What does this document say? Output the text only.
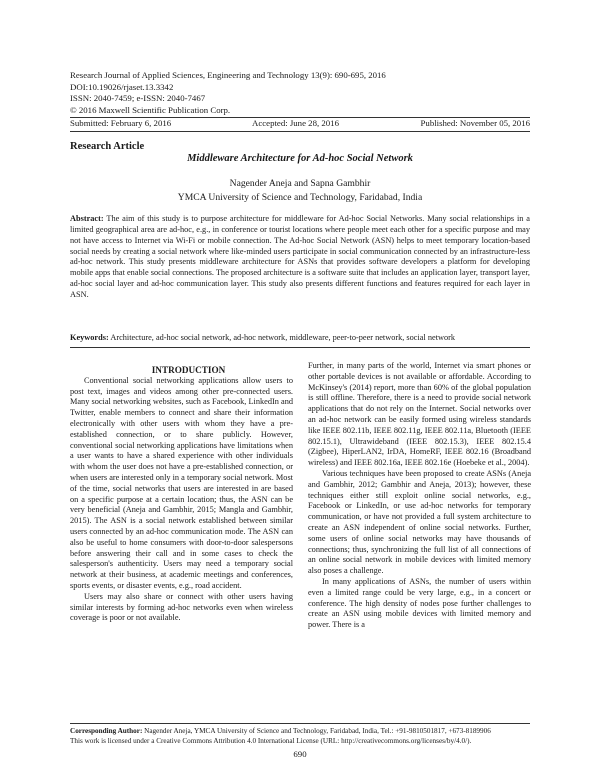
Research Journal of Applied Sciences, Engineering and Technology 13(9): 690-695, 2016
DOI:10.19026/rjaset.13.3342
ISSN: 2040-7459; e-ISSN: 2040-7467
© 2016 Maxwell Scientific Publication Corp.
Submitted: February 6, 2016	Accepted: June 28, 2016	Published: November 05, 2016
Research Article
Middleware Architecture for Ad-hoc Social Network
Nagender Aneja and Sapna Gambhir
YMCA University of Science and Technology, Faridabad, India
Abstract: The aim of this study is to purpose architecture for middleware for Ad-hoc Social Networks. Many social relationships in a limited geographical area are ad-hoc, e.g., in conference or tourist locations where people meet each other for a specific purpose and may not have access to Internet via Wi-Fi or mobile connection. The Ad-hoc Social Network (ASN) helps to meet temporary location-based social needs by creating a social network where like-minded users participate in social communication connected by an infrastructure-less ad-hoc network. This study presents middleware architecture for ASNs that provides software developers a platform for developing mobile apps that enable social connections. The proposed architecture is a software suite that includes an application layer, transport layer, ad-hoc social layer and ad-hoc communication layer. This study also presents different functions and features required for each layer in ASN.
Keywords: Architecture, ad-hoc social network, ad-hoc network, middleware, peer-to-peer network, social network

INTRODUCTION

Conventional social networking applications allow users to post text, images and videos among other pre-connected users. Many social networking websites, such as Facebook, LinkedIn and Twitter, enable members to connect and share their information electronically with other users with whom they have a pre-established connection, or to share publicly. However, conventional social networking applications have limitations when a user wants to have a shared experience with other individuals with whom the user does not have a pre-established connection, or when users are interested only in a temporary social network. Most of the time, social networks that users are interested in are based on a specific purpose at a certain location; thus, the ASN can be very beneficial (Aneja and Gambhir, 2015; Mangla and Gambhir, 2015). The ASN is a social network established between similar users connected by an ad-hoc communication mode. The ASN can also be useful to home consumers with door-to-door salespersons before answering their call and in some cases to check the salesperson's authenticity. Users may need a temporary social network at their business, at academic meetings and conferences, sports events, or disaster events, e.g., road accident.

Users may also share or connect with other users having similar interests by forming ad-hoc networks even when wireless coverage is poor or not available.

Further, in many parts of the world, Internet via smart phones or other portable devices is not available or affordable. According to McKinsey's (2014) report, more than 60% of the global population is still offline. Therefore, there is a need to provide social network applications that do not rely on the Internet. Social networks over an ad-hoc network can be easily formed using wireless standards like IEEE 802.11b, IEEE 802.11g, IEEE 802.11a, Bluetooth (IEEE 802.15.1), Ultrawideband (IEEE 802.15.3), IEEE 802.15.4 (Zigbee), HiperLAN2, IrDA, HomeRF, IEEE 802.16 (Broadband wireless) and IEEE 802.16a, IEEE 802.16e (Hoebeke et al., 2004).

Various techniques have been proposed to create ASNs (Aneja and Gambhir, 2012; Gambhir and Aneja, 2013); however, these techniques either still exploit online social networks, e.g., Facebook or LinkedIn, or use ad-hoc networks for temporary communication, or have not provided a full system architecture to create an ASN independent of online social networks. Further, some users of online social networks may have thousands of connections; thus, synchronizing the full list of all connections of an online social network in mobile devices with limited memory also poses a challenge.

In many applications of ASNs, the number of users within even a limited range could be very large, e.g., in a concert or conference. The high density of nodes pose further challenges to create an ASN using mobile devices with limited memory and power. There is a

Corresponding Author: Nagender Aneja, YMCA University of Science and Technology, Faridabad, India, Tel.: +91-9810501817, +673-8189906
This work is licensed under a Creative Commons Attribution 4.0 International License (URL: http://creativecommons.org/licenses/by/4.0/).
690
